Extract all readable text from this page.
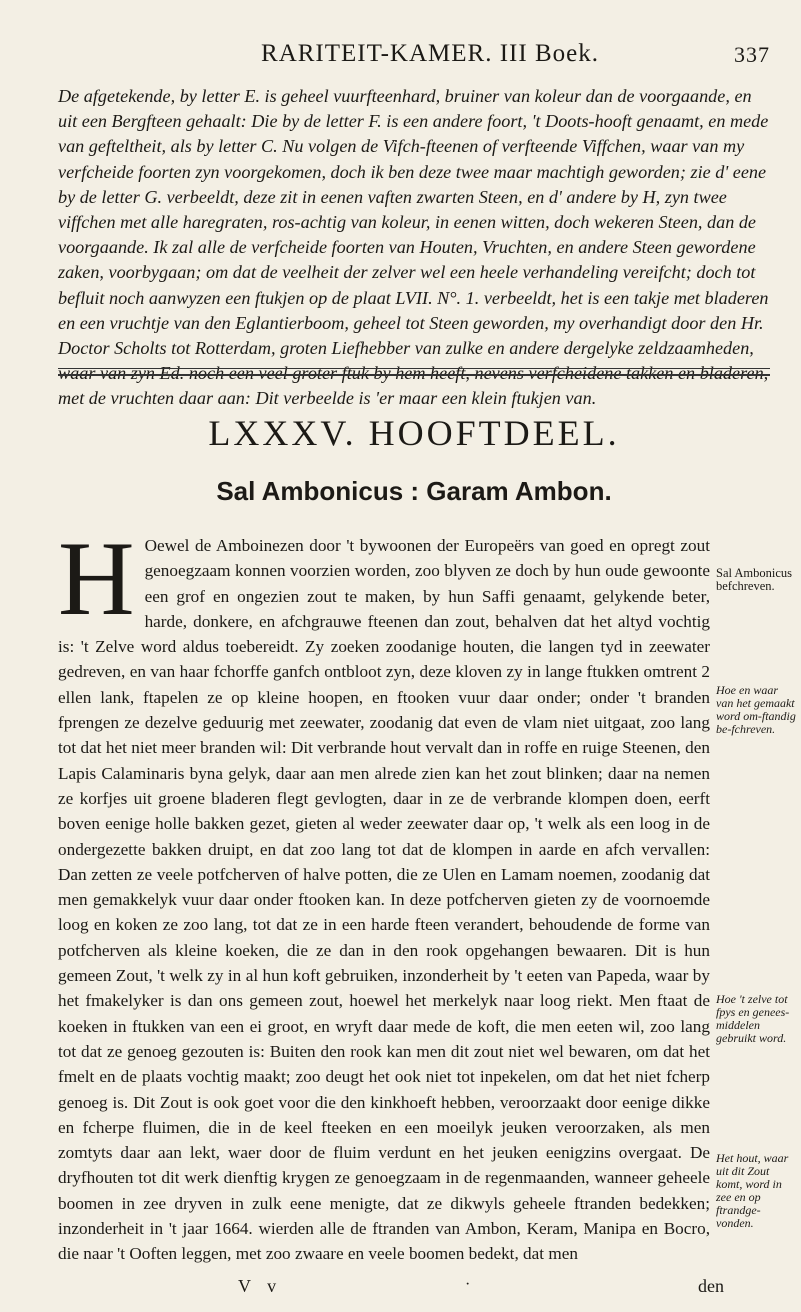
RARITEIT-KAMER. III Boek.	337

De afgetekende, by letter E. is geheel vuurfteenhard, bruiner van koleur dan de voorgaande, en uit een Bergfteen gehaalt: Die by de letter F. is een andere foort, 't Doots-hooft genaamt, en mede van gefteltheit, als by letter C. Nu volgen de Vifch-fteenen of verfteende Viffchen, waar van my verfcheide foorten zyn voorgekomen, doch ik ben deze twee maar machtigh geworden; zie d' eene by de letter G. verbeeldt, deze zit in eenen vaften zwarten Steen, en d' andere by H, zyn twee viffchen met alle haregraten, ros-achtig van koleur, in eenen witten, doch wekeren Steen, dan de voorgaande. Ik zal alle de verfcheide foorten van Houten, Vruchten, en andere Steen gewordene zaken, voorbygaan; om dat de veelheit der zelver wel een heele verhandeling vereifcht; doch tot befluit noch aanwyzen een ftukjen op de plaat LVII. N°. 1. verbeeldt, het is een takje met bladeren en een vruchtje van den Eglantierboom, geheel tot Steen geworden, my overhandigt door den Hr. Doctor Scholts tot Rotterdam, groten Liefhebber van zulke en andere dergelyke zeldzaamheden, waar van zyn Ed. noch een veel groter ftuk by hem heeft, nevens verfcheidene takken en bladeren, met de vruchten daar aan: Dit verbeelde is 'er maar een klein ftukjen van.

LXXXV. HOOFTDEEL.
Sal Ambonicus : Garam Ambon.

H Oewel de Amboinezen door 't bywoonen der Europeërs van goed en opregt zout genoegzaam konnen voorzien worden, zoo blyven ze doch by hun oude gewoonte een grof en ongezien zout te maken, by hun Saffi genaamt, gelykende beter, harde, donkere, en afchgrauwe fteenen dan zout, behalven dat het altyd vochtig is: 't Zelve word aldus toebereidt. Zy zoeken zoodanige houten, die langen tyd in zeewater gedreven, en van haar fchorffe ganfch ontbloot zyn, deze kloven zy in lange ftukken omtrent 2 ellen lank, ftapelen ze op kleine hoopen, en ftooken vuur daar onder; onder 't branden fprengen ze dezelve geduurig met zeewater, zoodanig dat even de vlam niet uitgaat, zoo lang tot dat het niet meer branden wil: Dit verbrande hout vervalt dan in roffe en ruige Steenen, den Lapis Calaminaris byna gelyk, daar aan men alrede zien kan het zout blinken; daar na nemen ze korfjes uit groene bladeren flegt gevlogten, daar in ze de verbrande klompen doen, eerft boven eenige holle bakken gezet, gieten al weder zeewater daar op, 't welk als een loog in de ondergezette bakken druipt, en dat zoo lang tot dat de klompen in aarde en afch vervallen: Dan zetten ze veele potfcherven of halve potten, die ze Ulen en Lamam noemen, zoodanig dat men gemakkelyk vuur daar onder ftooken kan. In deze potfcherven gieten zy de voornoemde loog en koken ze zoo lang, tot dat ze in een harde fteen verandert, behoudende de forme van potfcherven als kleine koeken, die ze dan in den rook opgehangen bewaaren. Dit is hun gemeen Zout, 't welk zy in al hun koft gebruiken, inzonderheit by 't eeten van Papeda, waar by het fmakelyker is dan ons gemeen zout, hoewel het merkelyk naar loog riekt. Men ftaat de koeken in ftukken van een ei groot, en wryft daar mede de koft, die men eeten wil, zoo lang tot dat ze genoeg gezouten is: Buiten den rook kan men dit zout niet wel bewaren, om dat het fmelt en de plaats vochtig maakt; zoo deugt het ook niet tot inpekelen, om dat het niet fcherp genoeg is. Dit Zout is ook goet voor die den kinkhoeft hebben, veroorzaakt door eenige dikke en fcherpe fluimen, die in de keel fteeken en een moeilyk jeuken veroorzaken, als men zomtyts daar aan lekt, waer door de fluim verdunt en het jeuken eenigzins overgaat. De dryfhouten tot dit werk dienftig krygen ze genoegzaam in de regenmaanden, wanneer geheele boomen in zee dryven in zulk eene menigte, dat ze dikwyls geheele ftranden bedekken; inzonderheit in 't jaar 1664. wierden alle de ftranden van Ambon, Keram, Manipa en Bocro, die naar 't Ooften leggen, met zoo zwaare en veele boomen bedekt, dat men

Sal Ambonicus befchreven.
Hoe en waar van het gemaakt word om-ftandig be-fchreven.
Hoe 't zelve tot fpys en genees-middelen gebruikt word.
Het hout, waar uit dit Zout komt, word in zee en op ftrandge-vonden.
V v	·	den
